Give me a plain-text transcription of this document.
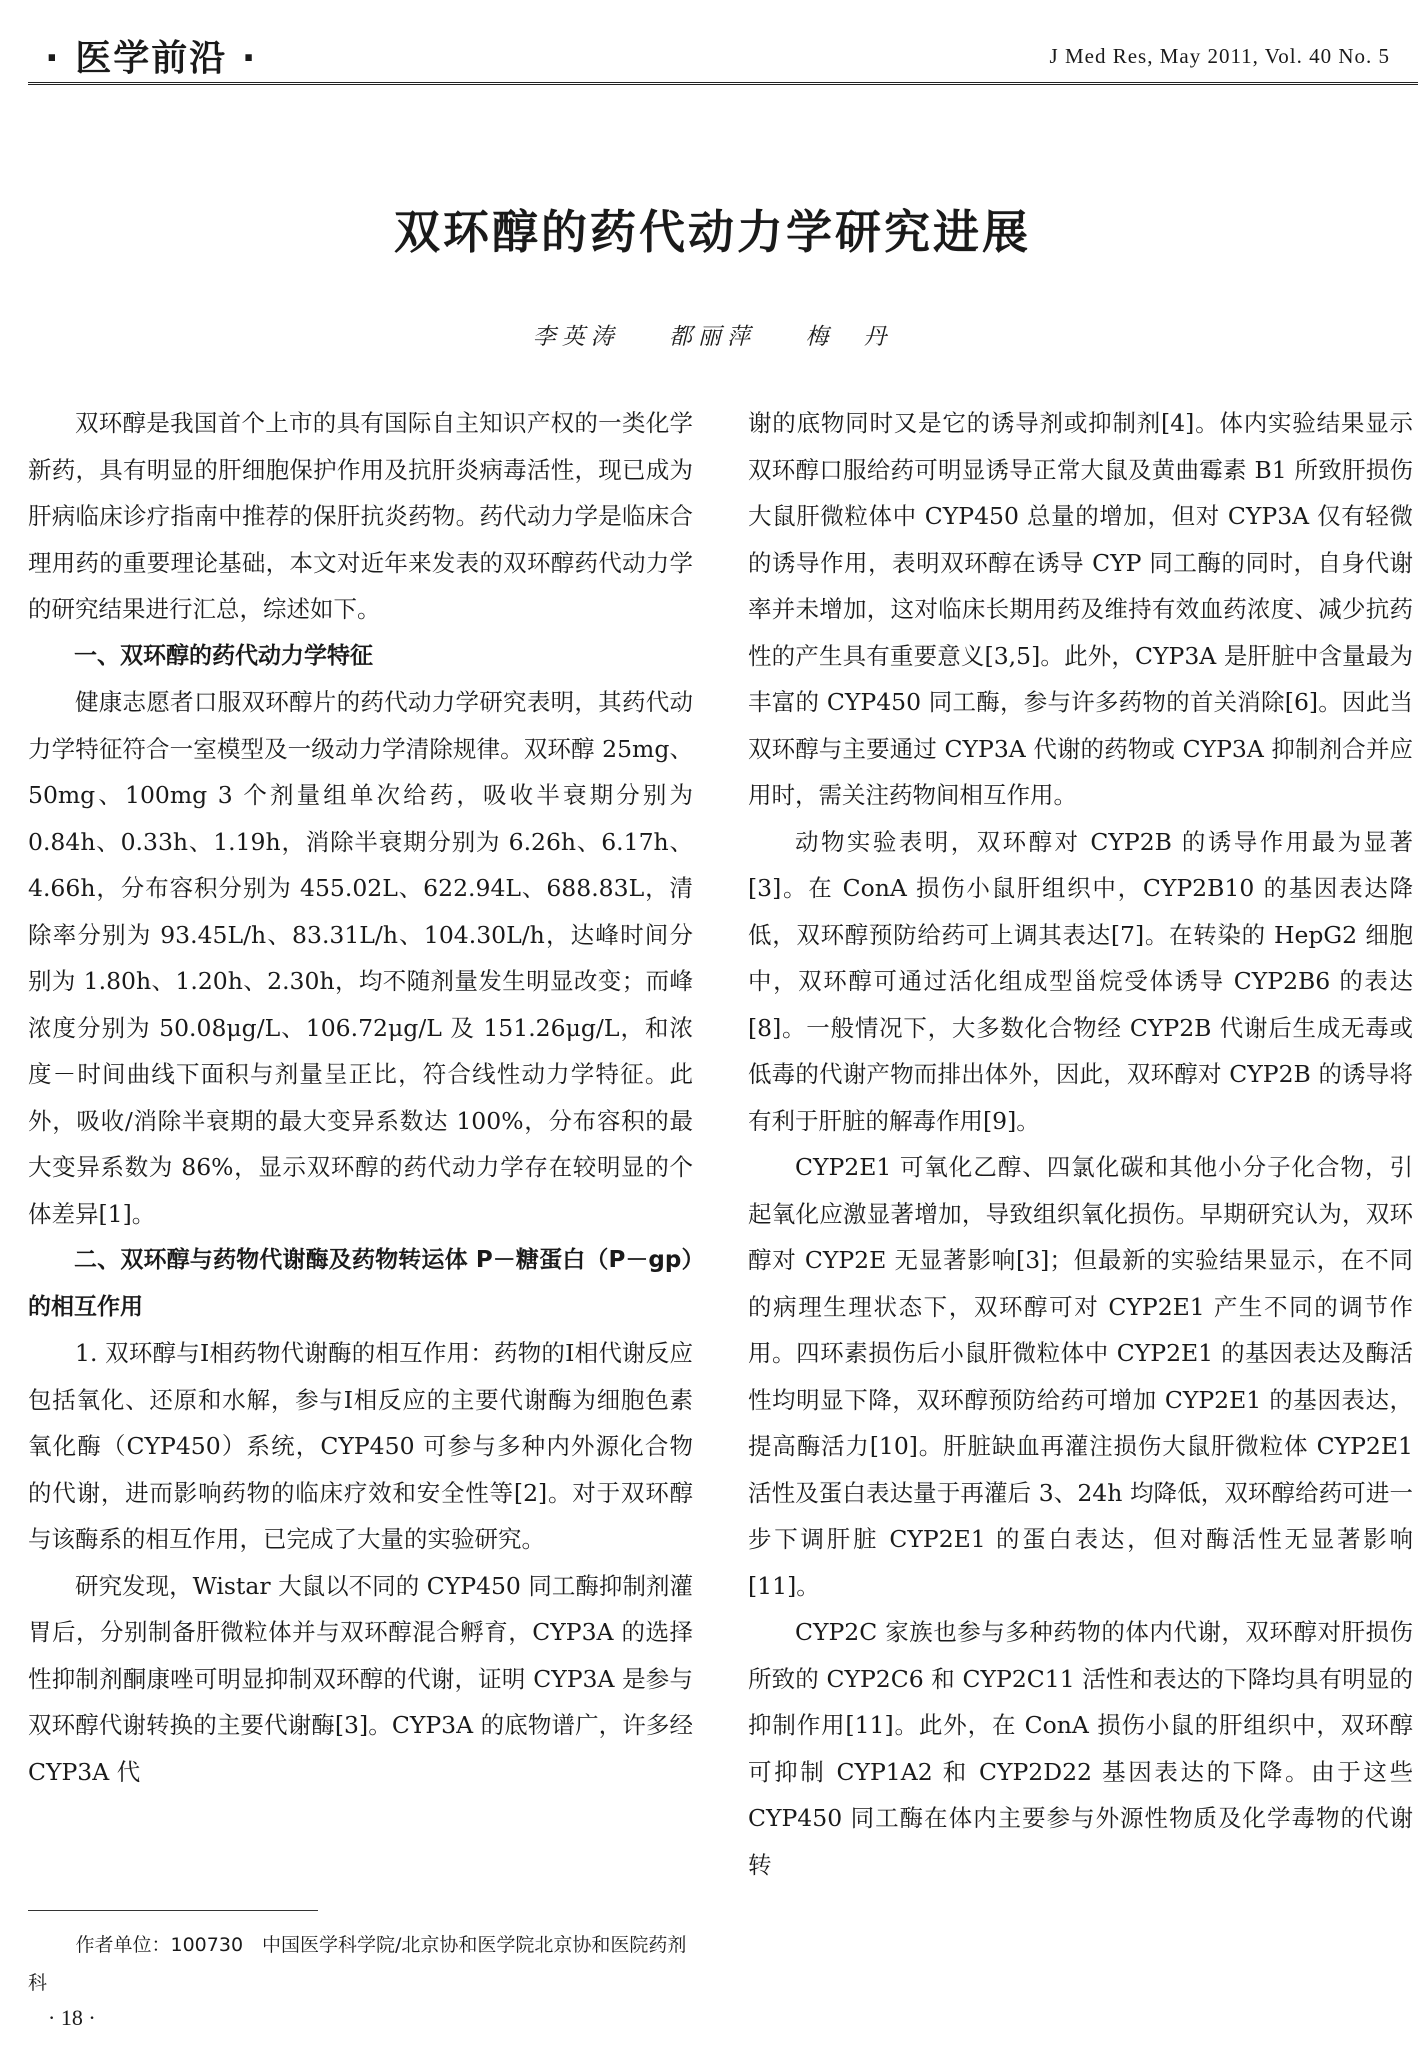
· 医学前沿 ·	J Med Res, May 2011, Vol. 40 No. 5
双环醇的药代动力学研究进展
李英涛 都丽萍 梅　丹

双环醇是我国首个上市的具有国际自主知识产权的一类化学新药，具有明显的肝细胞保护作用及抗肝炎病毒活性，现已成为肝病临床诊疗指南中推荐的保肝抗炎药物。药代动力学是临床合理用药的重要理论基础，本文对近年来发表的双环醇药代动力学的研究结果进行汇总，综述如下。

一、双环醇的药代动力学特征

健康志愿者口服双环醇片的药代动力学研究表明，其药代动力学特征符合一室模型及一级动力学清除规律。双环醇 25mg、50mg、100mg 3 个剂量组单次给药，吸收半衰期分别为 0.84h、0.33h、1.19h，消除半衰期分别为 6.26h、6.17h、4.66h，分布容积分别为 455.02L、622.94L、688.83L，清除率分别为 93.45L/h、83.31L/h、104.30L/h，达峰时间分别为 1.80h、1.20h、2.30h，均不随剂量发生明显改变；而峰浓度分别为 50.08μg/L、106.72μg/L 及 151.26μg/L，和浓度－时间曲线下面积与剂量呈正比，符合线性动力学特征。此外，吸收/消除半衰期的最大变异系数达 100%，分布容积的最大变异系数为 86%，显示双环醇的药代动力学存在较明显的个体差异[1]。

二、双环醇与药物代谢酶及药物转运体 P－糖蛋白（P－gp）的相互作用

1. 双环醇与Ⅰ相药物代谢酶的相互作用：药物的Ⅰ相代谢反应包括氧化、还原和水解，参与Ⅰ相反应的主要代谢酶为细胞色素氧化酶（CYP450）系统，CYP450 可参与多种内外源化合物的代谢，进而影响药物的临床疗效和安全性等[2]。对于双环醇与该酶系的相互作用，已完成了大量的实验研究。

研究发现，Wistar 大鼠以不同的 CYP450 同工酶抑制剂灌胃后，分别制备肝微粒体并与双环醇混合孵育，CYP3A 的选择性抑制剂酮康唑可明显抑制双环醇的代谢，证明 CYP3A 是参与双环醇代谢转换的主要代谢酶[3]。CYP3A 的底物谱广，许多经 CYP3A 代

谢的底物同时又是它的诱导剂或抑制剂[4]。体内实验结果显示双环醇口服给药可明显诱导正常大鼠及黄曲霉素 B1 所致肝损伤大鼠肝微粒体中 CYP450 总量的增加，但对 CYP3A 仅有轻微的诱导作用，表明双环醇在诱导 CYP 同工酶的同时，自身代谢率并未增加，这对临床长期用药及维持有效血药浓度、减少抗药性的产生具有重要意义[3,5]。此外，CYP3A 是肝脏中含量最为丰富的 CYP450 同工酶，参与许多药物的首关消除[6]。因此当双环醇与主要通过 CYP3A 代谢的药物或 CYP3A 抑制剂合并应用时，需关注药物间相互作用。

动物实验表明，双环醇对 CYP2B 的诱导作用最为显著[3]。在 ConA 损伤小鼠肝组织中，CYP2B10 的基因表达降低，双环醇预防给药可上调其表达[7]。在转染的 HepG2 细胞中，双环醇可通过活化组成型甾烷受体诱导 CYP2B6 的表达[8]。一般情况下，大多数化合物经 CYP2B 代谢后生成无毒或低毒的代谢产物而排出体外，因此，双环醇对 CYP2B 的诱导将有利于肝脏的解毒作用[9]。

CYP2E1 可氧化乙醇、四氯化碳和其他小分子化合物，引起氧化应激显著增加，导致组织氧化损伤。早期研究认为，双环醇对 CYP2E 无显著影响[3]；但最新的实验结果显示，在不同的病理生理状态下，双环醇可对 CYP2E1 产生不同的调节作用。四环素损伤后小鼠肝微粒体中 CYP2E1 的基因表达及酶活性均明显下降，双环醇预防给药可增加 CYP2E1 的基因表达，提高酶活力[10]。肝脏缺血再灌注损伤大鼠肝微粒体 CYP2E1 活性及蛋白表达量于再灌后 3、24h 均降低，双环醇给药可进一步下调肝脏 CYP2E1 的蛋白表达，但对酶活性无显著影响[11]。

CYP2C 家族也参与多种药物的体内代谢，双环醇对肝损伤所致的 CYP2C6 和 CYP2C11 活性和表达的下降均具有明显的抑制作用[11]。此外，在 ConA 损伤小鼠的肝组织中，双环醇可抑制 CYP1A2 和 CYP2D22 基因表达的下降。由于这些 CYP450 同工酶在体内主要参与外源性物质及化学毒物的代谢转

作者单位：100730　中国医学科学院/北京协和医学院北京协和医院药剂科
· 18 ·
